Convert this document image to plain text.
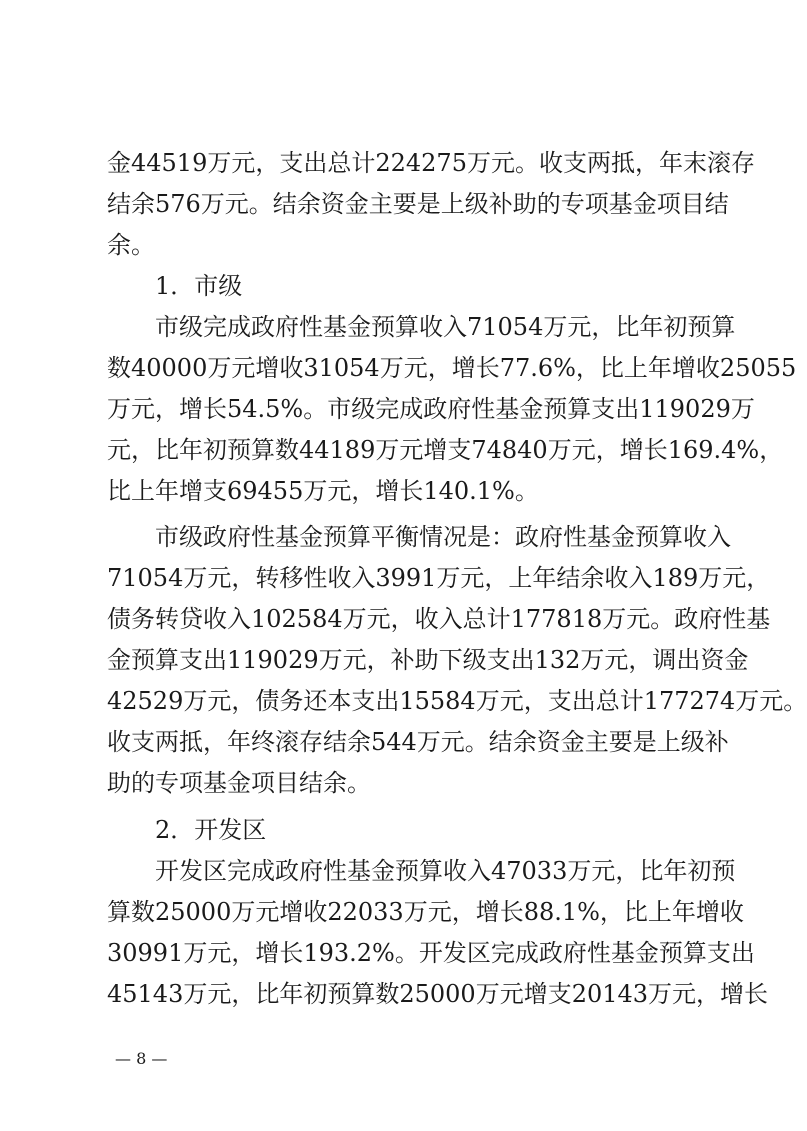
金44519万元，支出总计224275万元。收支两抵，年末滚存
结余576万元。结余资金主要是上级补助的专项基金项目结
余。
1．市级
市级完成政府性基金预算收入71054万元，比年初预算
数40000万元增收31054万元，增长77.6%，比上年增收25055
万元，增长54.5%。市级完成政府性基金预算支出119029万
元，比年初预算数44189万元增支74840万元，增长169.4%，
比上年增支69455万元，增长140.1%。
市级政府性基金预算平衡情况是：政府性基金预算收入
71054万元，转移性收入3991万元，上年结余收入189万元，
债务转贷收入102584万元，收入总计177818万元。政府性基
金预算支出119029万元，补助下级支出132万元，调出资金
42529万元，债务还本支出15584万元，支出总计177274万元。
收支两抵，年终滚存结余544万元。结余资金主要是上级补
助的专项基金项目结余。
2．开发区
开发区完成政府性基金预算收入47033万元，比年初预
算数25000万元增收22033万元，增长88.1%，比上年增收
30991万元，增长193.2%。开发区完成政府性基金预算支出
45143万元，比年初预算数25000万元增支20143万元，增长
— 8 —
